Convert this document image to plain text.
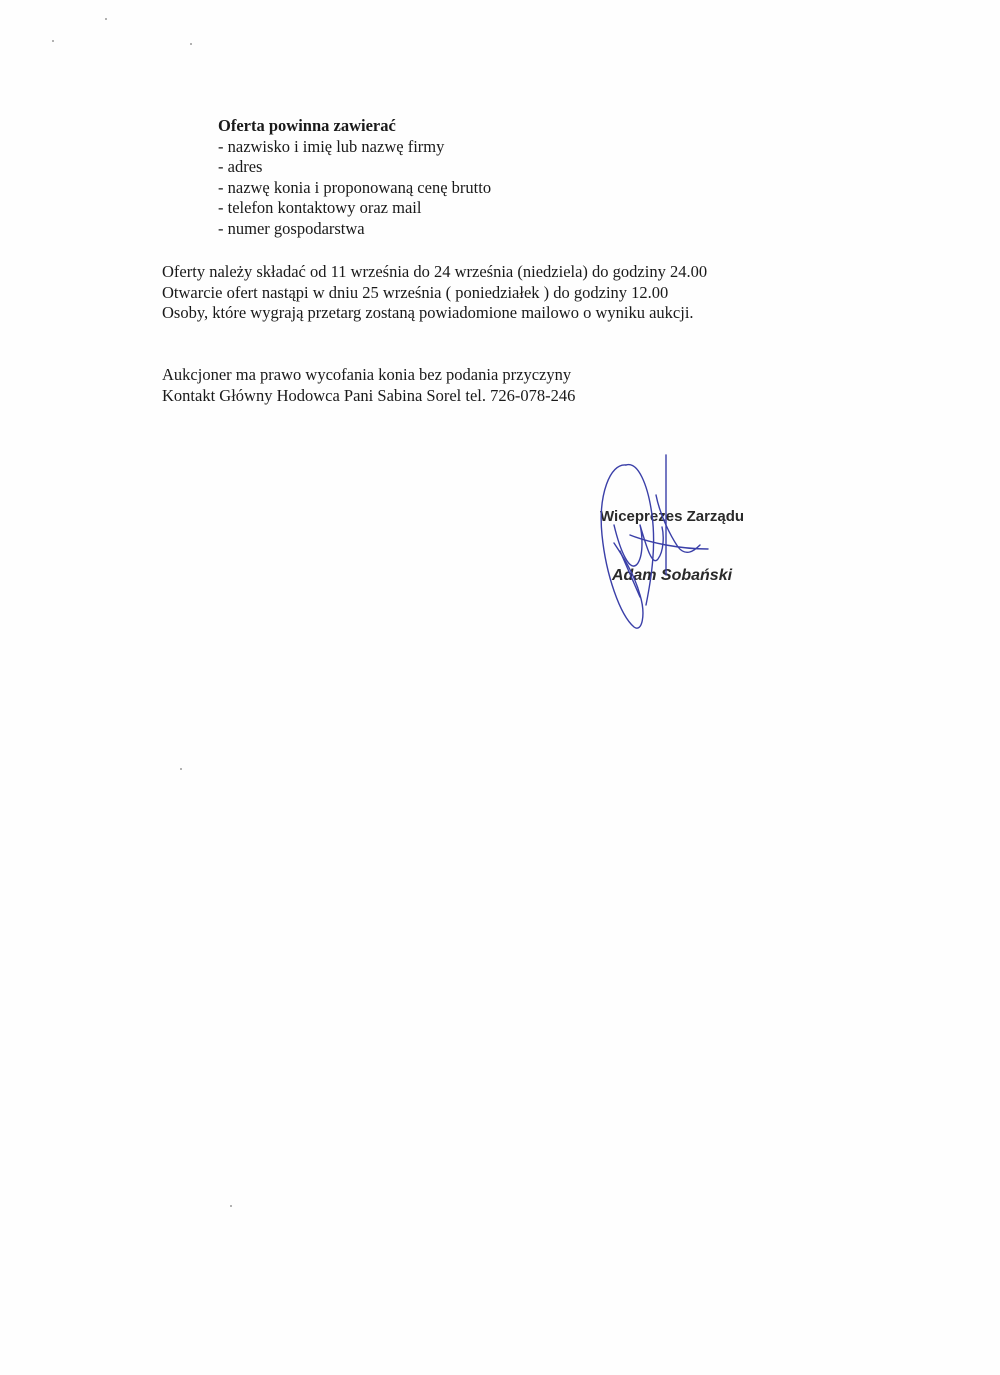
Oferta powinna zawierać

- nazwisko i imię lub nazwę firmy
- adres
- nazwę konia i proponowaną cenę brutto
- telefon kontaktowy oraz mail
- numer gospodarstwa

Oferty należy składać od 11 września do 24 września (niedziela) do godziny 24.00

Otwarcie ofert nastąpi w dniu 25 września ( poniedziałek ) do godziny 12.00

Osoby, które wygrają przetarg zostaną powiadomione mailowo o wyniku aukcji.

Aukcjoner ma prawo wycofania konia bez podania przyczyny

Kontakt Główny Hodowca Pani Sabina Sorel tel. 726-078-246

Wiceprezes Zarządu
Adam Sobański
